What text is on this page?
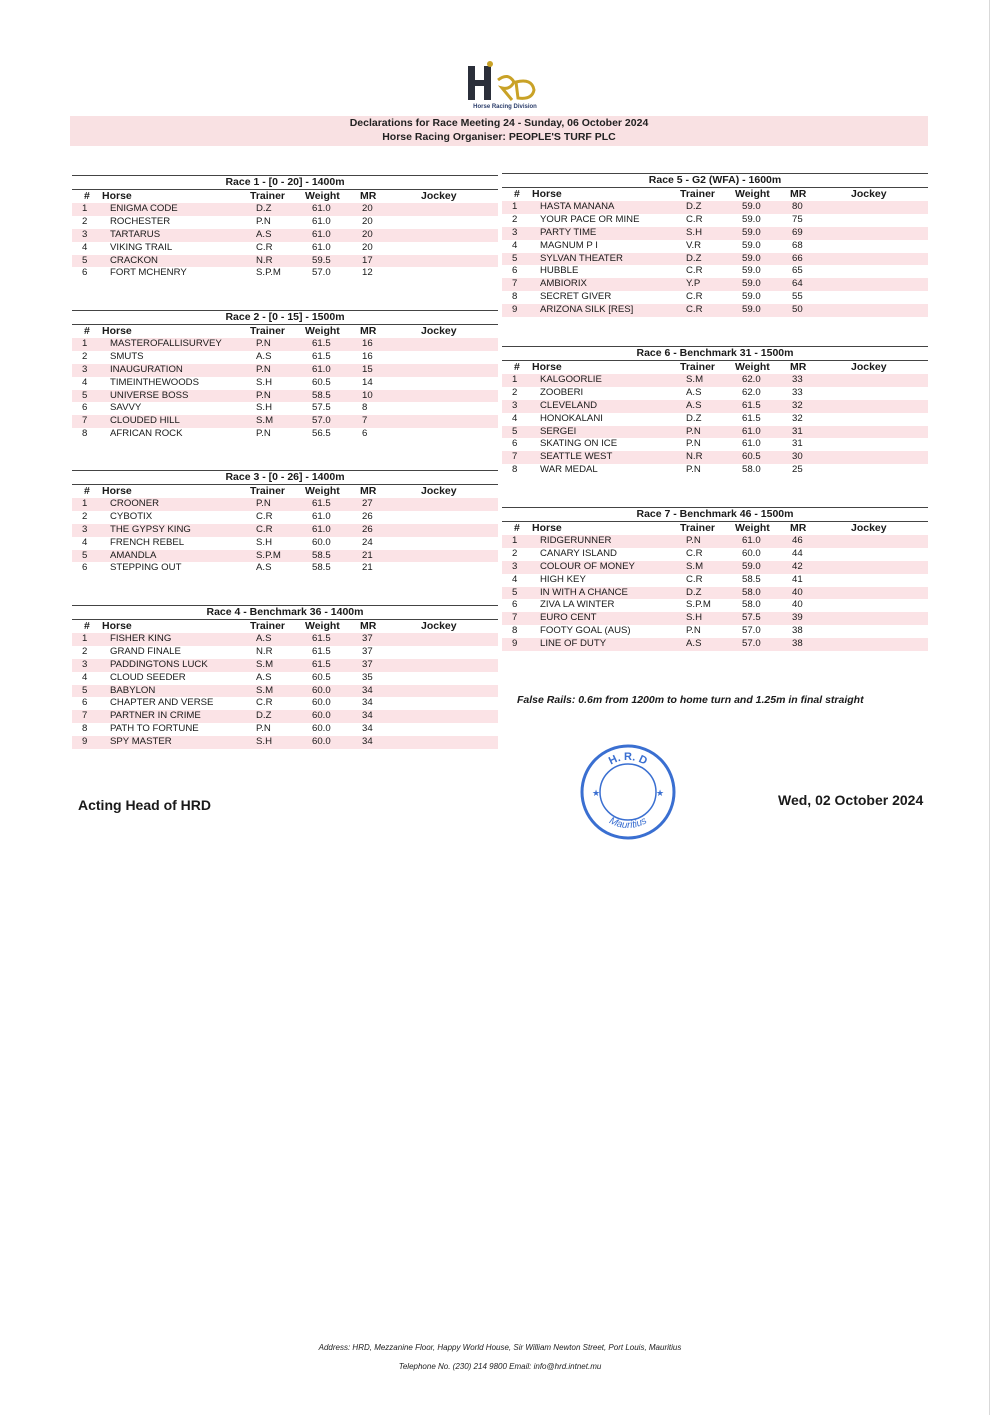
Horse Racing Division
Declarations for Race Meeting 24 - Sunday, 06 October 2024
Horse Racing Organiser: PEOPLE'S TURF PLC
Race 1 - [0 - 20] - 1400m
#	Horse	Trainer Weight MR	Jockey
1	ENIGMA CODE	D.Z	61.0	20
2	ROCHESTER	P.N	61.0	20
3	TARTARUS	A.S	61.0	20
4	VIKING TRAIL	C.R	61.0	20
5	CRACKON	N.R	59.5	17
6	FORT MCHENRY	S.P.M	57.0	12
Race 2 - [0 - 15] - 1500m
#	Horse	Trainer Weight MR	Jockey
1	MASTEROFALLISURVEY	P.N	61.5	16
2	SMUTS	A.S	61.5	16
3	INAUGURATION	P.N	61.0	15
4	TIMEINTHEWOODS	S.H	60.5	14
5	UNIVERSE BOSS	P.N	58.5	10
6	SAVVY	S.H	57.5	8
7	CLOUDED HILL	S.M	57.0	7
8	AFRICAN ROCK	P.N	56.5	6
Race 3 - [0 - 26] - 1400m
#	Horse	Trainer Weight MR	Jockey
1	CROONER	P.N	61.5	27
2	CYBOTIX	C.R	61.0	26
3	THE GYPSY KING	C.R	61.0	26
4	FRENCH REBEL	S.H	60.0	24
5	AMANDLA	S.P.M	58.5	21
6	STEPPING OUT	A.S	58.5	21
Race 4 - Benchmark 36 - 1400m
#	Horse	Trainer Weight MR	Jockey
1	FISHER KING	A.S	61.5	37
2	GRAND FINALE	N.R	61.5	37
3	PADDINGTONS LUCK	S.M	61.5	37
4	CLOUD SEEDER	A.S	60.5	35
5	BABYLON	S.M	60.0	34
6	CHAPTER AND VERSE	C.R	60.0	34
7	PARTNER IN CRIME	D.Z	60.0	34
8	PATH TO FORTUNE	P.N	60.0	34
9	SPY MASTER	S.H	60.0	34
Race 5 - G2 (WFA) - 1600m
#	Horse	Trainer Weight MR	Jockey
1	HASTA MANANA	D.Z	59.0	80
2	YOUR PACE OR MINE	C.R	59.0	75
3	PARTY TIME	S.H	59.0	69
4	MAGNUM P I	V.R	59.0	68
5	SYLVAN THEATER	D.Z	59.0	66
6	HUBBLE	C.R	59.0	65
7	AMBIORIX	Y.P	59.0	64
8	SECRET GIVER	C.R	59.0	55
9	ARIZONA SILK [RES]	C.R	59.0	50
Race 6 - Benchmark 31 - 1500m
#	Horse	Trainer Weight MR	Jockey
1	KALGOORLIE	S.M	62.0	33
2	ZOOBERI	A.S	62.0	33
3	CLEVELAND	A.S	61.5	32
4	HONOKALANI	D.Z	61.5	32
5	SERGEI	P.N	61.0	31
6	SKATING ON ICE	P.N	61.0	31
7	SEATTLE WEST	N.R	60.5	30
8	WAR MEDAL	P.N	58.0	25
Race 7 - Benchmark 46 - 1500m
#	Horse	Trainer Weight MR	Jockey
1	RIDGERUNNER	P.N	61.0	46
2	CANARY ISLAND	C.R	60.0	44
3	COLOUR OF MONEY	S.M	59.0	42
4	HIGH KEY	C.R	58.5	41
5	IN WITH A CHANCE	D.Z	58.0	40
6	ZIVA LA WINTER	S.P.M	58.0	40
7	EURO CENT	S.H	57.5	39
8	FOOTY GOAL (AUS)	P.N	57.0	38
9	LINE OF DUTY	A.S	57.0	38
False Rails: 0.6m from 1200m to home turn and 1.25m in final straight
Acting Head of HRD	Wed, 02 October 2024
H. R. D
Mauritius
★	★
Address: HRD, Mezzanine Floor, Happy World House, Sir William Newton Street, Port Louis, Mauritius
Telephone No. (230) 214 9800 Email: info@hrd.intnet.mu
